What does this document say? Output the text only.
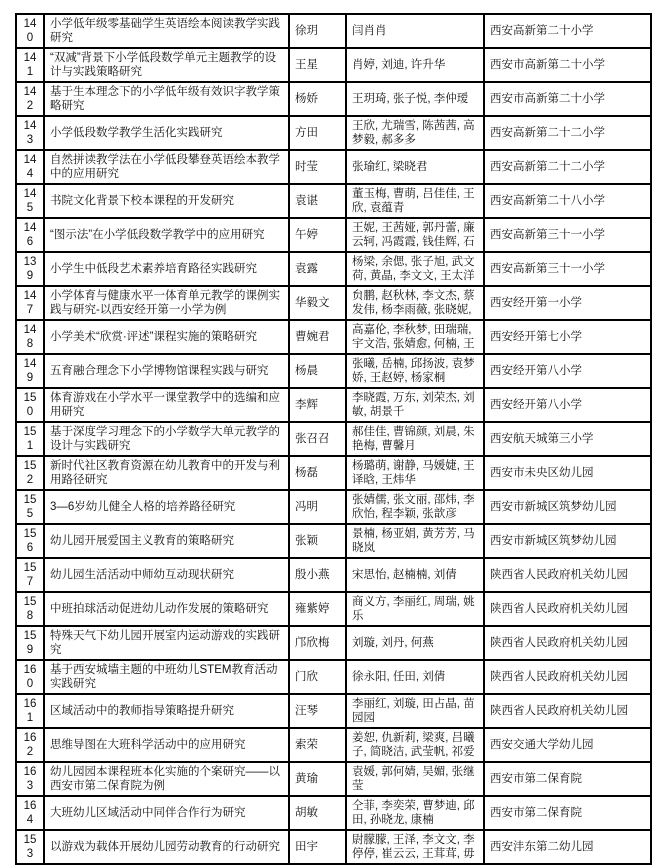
140	小学低年级零基础学生英语绘本阅读教学实践研究	徐玥	闫肖肖	西安高新第二十小学
141	“双减”背景下小学低段数学单元主题教学的设计与实践策略研究	王星	肖婷, 刘迪, 许升华	西安市高新第二十小学
142	基于生本理念下的小学低年级有效识字教学策略研究	杨娇	王玥琦, 张子悦, 李仲瑷	西安市高新第二十小学
143	小学低段数学教学生活化实践研究	方田	王欣, 尤瑞雪, 陈茜茜, 高梦毅, 郝多多	西安高新第二十二小学
144	自然拼读教学法在小学低段攀登英语绘本教学中的应用研究	时莹	张瑜红, 梁晓君	西安高新第二十二小学
145	书院文化背景下校本课程的开发研究	袁谌	董玉梅, 曹萌, 吕佳佳, 王欣, 袁蕴青	西安高新第二十八小学
146	“图示法”在小学低段数学教学中的应用研究	午婷	王妮, 王茜娅, 郭丹蕾, 廉云轲, 冯霞霞, 钱佳辉, 石	西安高新第三十一小学
139	小学生中低段艺术素养培育路径实践研究	袁露	杨梁, 余偲, 张子旭, 武文荷, 黄晶, 李文文, 王太洋	西安高新第三十一小学
147	小学体育与健康水平一体育单元教学的课例实践与研究-以西安经开第一小学为例	华毅文	贠鹏, 赵秋林, 李文杰, 蔡发伟, 杨李雨薇, 张晓妮,	西安经开第一小学
148	小学美术“欣赏·评述”课程实施的策略研究	曹婉君	高嘉伦, 李秋梦, 田瑞瑞, 宇文浩, 张婧愈, 何楠, 王	西安经开第七小学
149	五育融合理念下小学博物馆课程实践与研究	杨晨	张曦, 岳楠, 邱扬波, 袁梦娇, 王赵婷, 杨家桐	西安经开第八小学
150	体育游戏在小学水平一课堂教学中的选编和应用研究	李辉	李晓霞, 万东, 刘荣杰, 刘敏, 胡景千	西安经开第八小学
151	基于深度学习理念下的小学数学大单元教学的设计与实践研究	张召召	郝佳佳, 曹锦颜, 刘晨, 朱艳梅, 曹馨月	西安航天城第三小学
152	新时代社区教育资源在幼儿教育中的开发与利用路径研究	杨磊	杨璐萌, 谢静, 马媛婕, 王译晗, 王炜华	西安市未央区幼儿园
155	3—6岁幼儿健全人格的培养路径研究	冯明	张婧儒, 张文丽, 邵炜, 李欣怡, 程李颖, 张歆彦	西安市新城区筑梦幼儿园
156	幼儿园开展爱国主义教育的策略研究	张颖	景楠, 杨亚娟, 黄芳芳, 马晓岚	西安市新城区筑梦幼儿园
157	幼儿园生活活动中师幼互动现状研究	殷小燕	宋思怡, 赵楠楠, 刘倩	陕西省人民政府机关幼儿园
158	中班拍球活动促进幼儿动作发展的策略研究	雍紫婷	商义方, 李丽红, 周瑞, 姚乐	陕西省人民政府机关幼儿园
159	特殊天气下幼儿园开展室内运动游戏的实践研究	邝欣梅	刘璇, 刘丹, 何燕	陕西省人民政府机关幼儿园
160	基于西安城墙主题的中班幼儿STEM教育活动实践研究	门欣	徐永阳, 任田, 刘倩	陕西省人民政府机关幼儿园
161	区域活动中的教师指导策略提升研究	汪琴	李丽红, 刘璇, 田占晶, 苗园园	陕西省人民政府机关幼儿园
162	思维导图在大班科学活动中的应用研究	索荣	姜恕, 仇新莉, 梁爽, 吕曦子, 简晓洁, 武莹帆, 祁爱	西安交通大学幼儿园
163	幼儿园园本课程班本化实施的个案研究——以西安市第二保育院为例	黄瑜	袁媛, 郭何婧, 吴媚, 张继莹	西安市第二保育院
164	大班幼儿区域活动中同伴合作行为研究	胡敏	仝菲, 李奕荣, 曹梦迪, 邱田, 孙晓龙, 康楠	西安市第二保育院
153	以游戏为载体开展幼儿园劳动教育的行动研究	田宇	尉朦朦, 王泽, 李文文, 李停停, 崔云云, 王茸茸, 毋	西安沣东第二幼儿园
